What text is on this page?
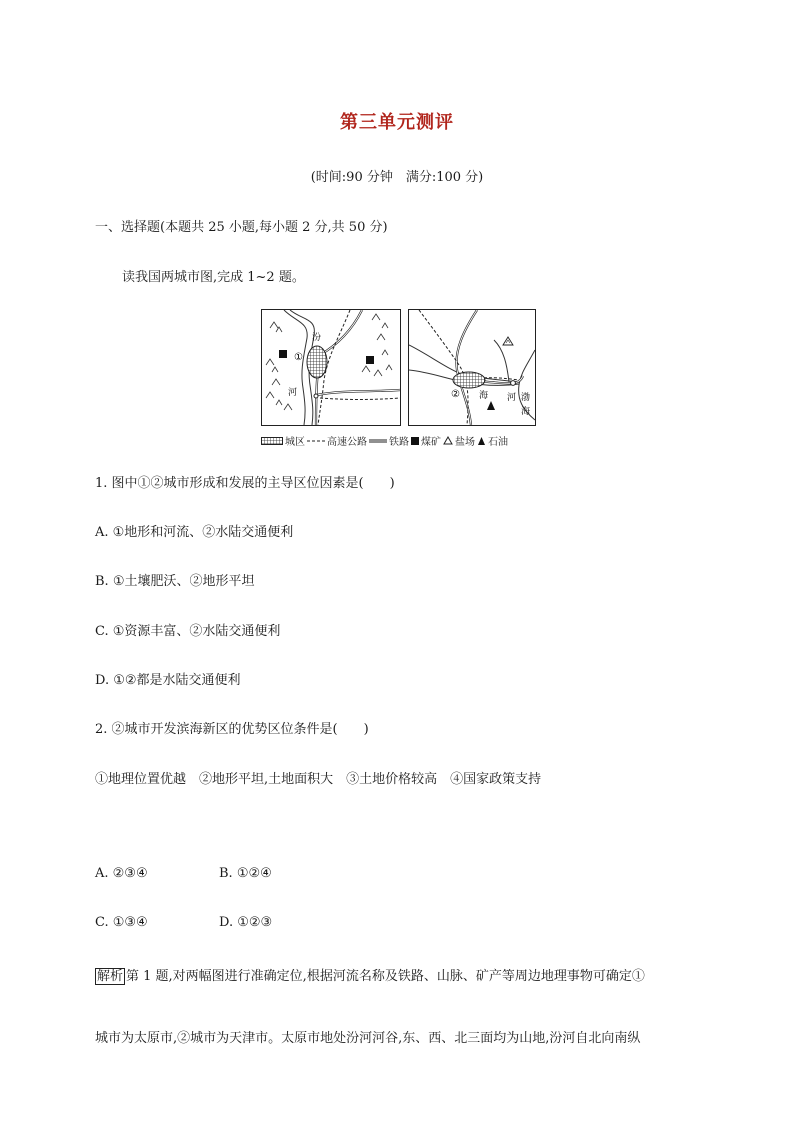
第三单元测评
(时间:90 分钟　满分:100 分)
一、选择题(本题共 25 小题,每小题 2 分,共 50 分)
读我国两城市图,完成 1~2 题。
汾
河
①
② 海 河 渤
海
城区 高速公路 铁路 煤矿 盐场 石油
1. 图中①②城市形成和发展的主导区位因素是(　　)
A. ①地形和河流、②水陆交通便利
B. ①土壤肥沃、②地形平坦
C. ①资源丰富、②水陆交通便利
D. ①②都是水陆交通便利
2. ②城市开发滨海新区的优势区位条件是(　　)
①地理位置优越　②地形平坦,土地面积大　③土地价格较高　④国家政策支持
A. ②③④	B. ①②④
C. ①③④	D. ①②③
解析 第 1 题,对两幅图进行准确定位,根据河流名称及铁路、山脉、矿产等周边地理事物可确定①
城市为太原市,②城市为天津市。太原市地处汾河河谷,东、西、北三面均为山地,汾河自北向南纵
